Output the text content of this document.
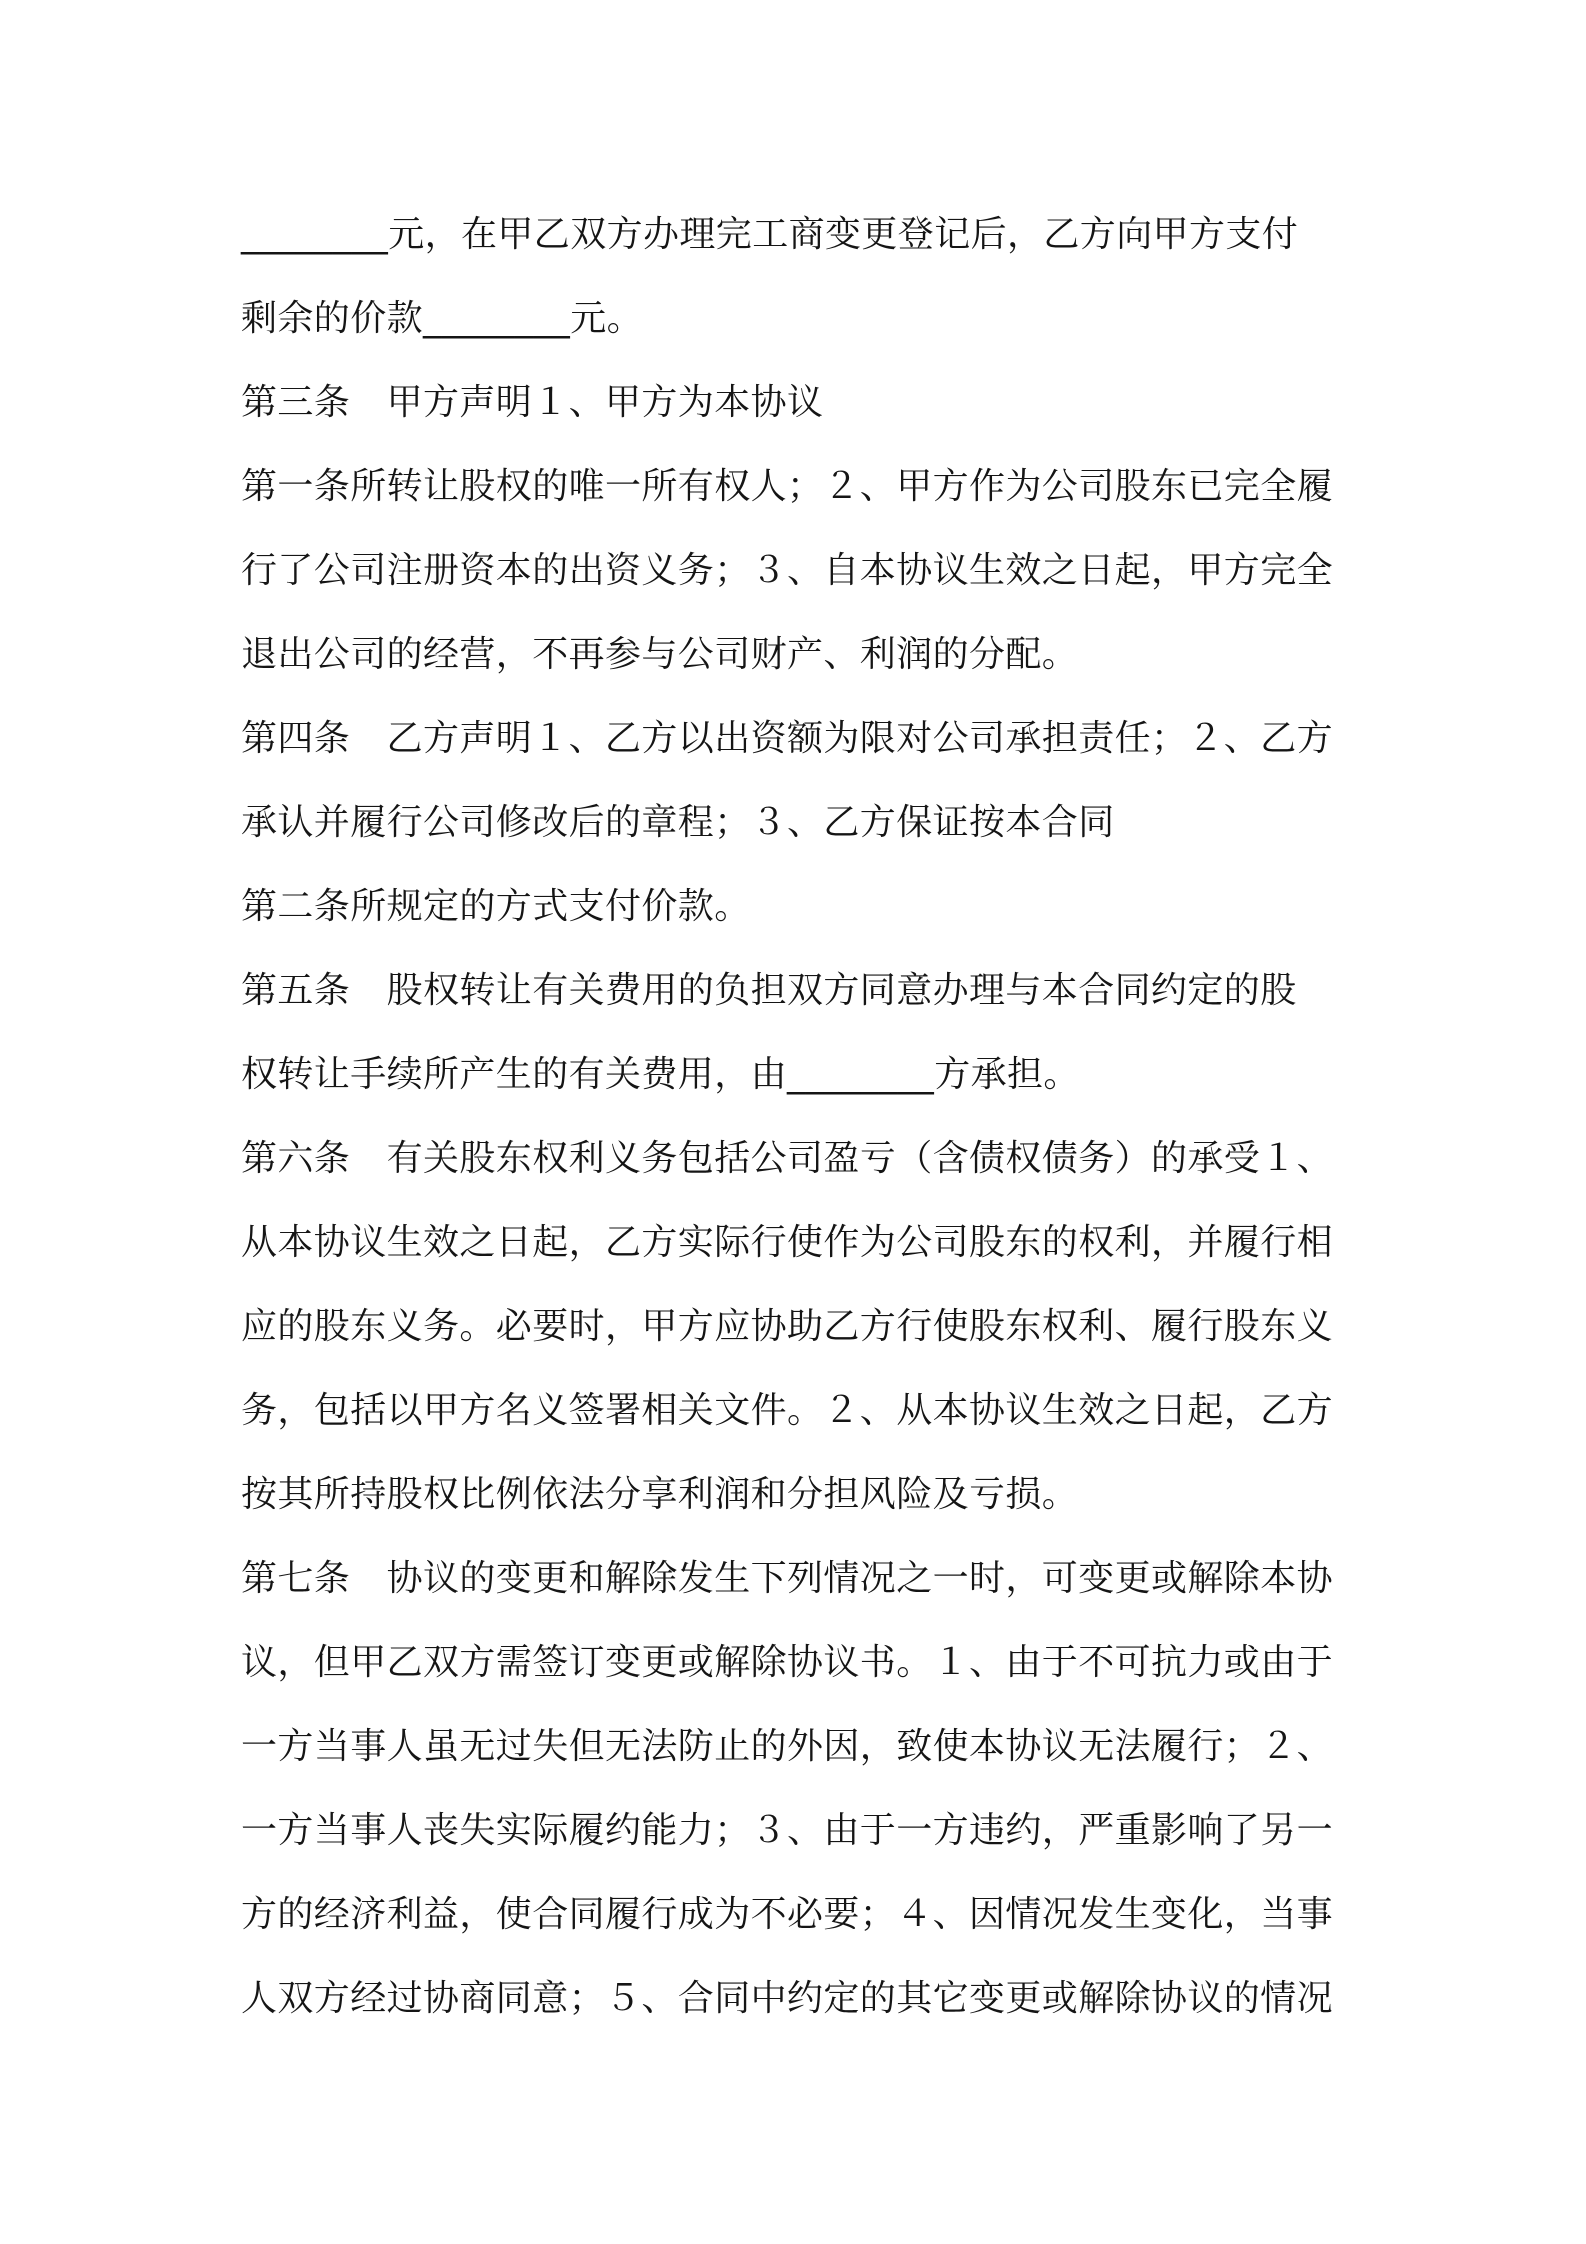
________元，在甲乙双方办理完工商变更登记后，乙方向甲方支付
剩余的价款________元。
第三条　甲方声明１、甲方为本协议
第一条所转让股权的唯一所有权人；２、甲方作为公司股东已完全履
行了公司注册资本的出资义务；３、自本协议生效之日起，甲方完全
退出公司的经营，不再参与公司财产、利润的分配。
第四条　乙方声明１、乙方以出资额为限对公司承担责任；２、乙方
承认并履行公司修改后的章程；３、乙方保证按本合同
第二条所规定的方式支付价款。
第五条　股权转让有关费用的负担双方同意办理与本合同约定的股
权转让手续所产生的有关费用，由________方承担。
第六条　有关股东权利义务包括公司盈亏（含债权债务）的承受１、
从本协议生效之日起，乙方实际行使作为公司股东的权利，并履行相
应的股东义务。必要时，甲方应协助乙方行使股东权利、履行股东义
务，包括以甲方名义签署相关文件。２、从本协议生效之日起，乙方
按其所持股权比例依法分享利润和分担风险及亏损。
第七条　协议的变更和解除发生下列情况之一时，可变更或解除本协
议，但甲乙双方需签订变更或解除协议书。１、由于不可抗力或由于
一方当事人虽无过失但无法防止的外因，致使本协议无法履行；２、
一方当事人丧失实际履约能力；３、由于一方违约，严重影响了另一
方的经济利益，使合同履行成为不必要；４、因情况发生变化，当事
人双方经过协商同意；５、合同中约定的其它变更或解除协议的情况
